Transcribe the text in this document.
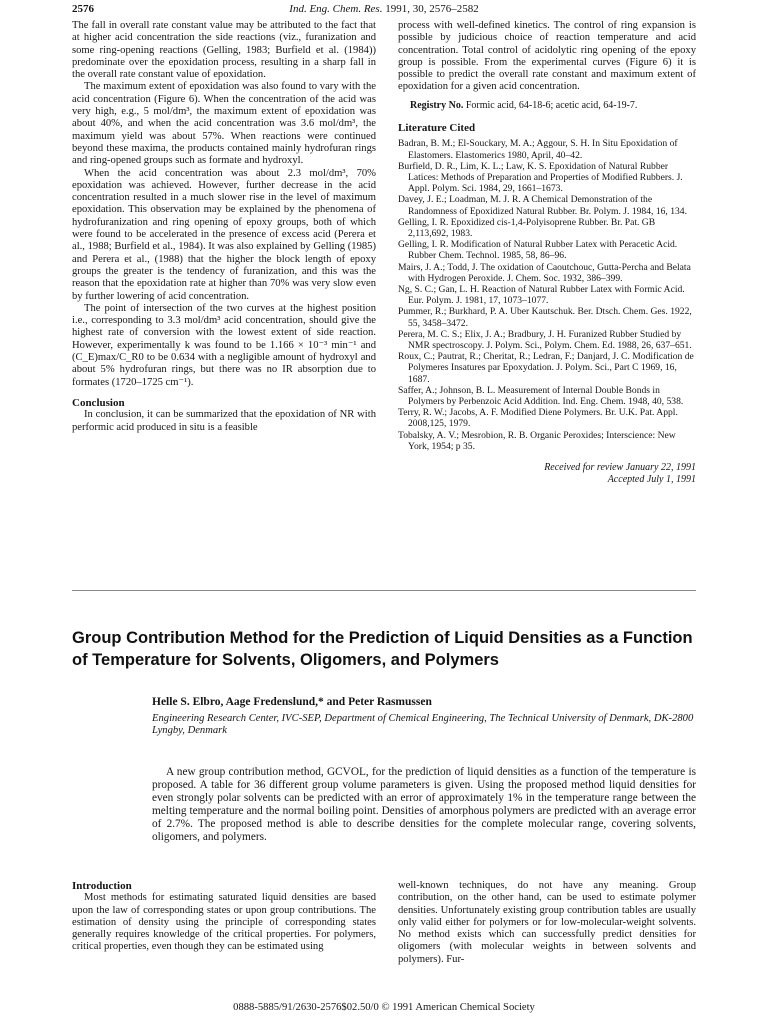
2576	Ind. Eng. Chem. Res. 1991, 30, 2576–2582

The fall in overall rate constant value may be attributed to the fact that at higher acid concentration the side reactions (viz., furanization and some ring-opening reactions (Gelling, 1983; Burfield et al. (1984)) predominate over the epoxidation process, resulting in a sharp fall in the overall rate constant value of epoxidation.

The maximum extent of epoxidation was also found to vary with the acid concentration (Figure 6). When the concentration of the acid was very high, e.g., 5 mol/dm³, the maximum extent of epoxidation was about 40%, and when the acid concentration was 3.6 mol/dm³, the maximum yield was about 57%. When reactions were continued beyond these maxima, the products contained mainly hydrofuran rings and ring-opened groups such as formate and hydroxyl.

When the acid concentration was about 2.3 mol/dm³, 70% epoxidation was achieved. However, further decrease in the acid concentration resulted in a much slower rise in the level of maximum epoxidation. This observation may be explained by the phenomena of hydrofuranization and ring opening of epoxy groups, both of which were found to be accelerated in the presence of excess acid (Perera et al., 1988; Burfield et al., 1984). It was also explained by Gelling (1985) and Perera et al., (1988) that the higher the block length of epoxy groups the greater is the tendency of furanization, and this was the reason that the epoxidation rate at higher than 70% was very slow even by further lowering of acid concentration.

The point of intersection of the two curves at the highest position i.e., corresponding to 3.3 mol/dm³ acid concentration, should give the highest rate of conversion with the lowest extent of side reaction. However, experimentally k was found to be 1.166 × 10⁻³ min⁻¹ and (C_E)max/C_R0 to be 0.634 with a negligible amount of hydroxyl and about 5% hydrofuran rings, but there was no IR absorption due to formates (1720–1725 cm⁻¹).

Conclusion

In conclusion, it can be summarized that the epoxidation of NR with performic acid produced in situ is a feasible

process with well-defined kinetics. The control of ring expansion is possible by judicious choice of reaction temperature and acid concentration. Total control of acidolytic ring opening of the epoxy group is possible. From the experimental curves (Figure 6) it is possible to predict the overall rate constant and maximum extent of epoxidation for a given acid concentration.

Registry No. Formic acid, 64-18-6; acetic acid, 64-19-7.

Literature Cited

Badran, B. M.; El-Souckary, M. A.; Aggour, S. H. In Situ Epoxidation of Elastomers. Elastomerics 1980, April, 40–42.
Burfield, D. R., Lim, K. L.; Law, K. S. Epoxidation of Natural Rubber Latices: Methods of Preparation and Properties of Modified Rubbers. J. Appl. Polym. Sci. 1984, 29, 1661–1673.
Davey, J. E.; Loadman, M. J. R. A Chemical Demonstration of the Randomness of Epoxidized Natural Rubber. Br. Polym. J. 1984, 16, 134.
Gelling, I. R. Epoxidized cis-1,4-Polyisoprene Rubber. Br. Pat. GB 2,113,692, 1983.
Gelling, I. R. Modification of Natural Rubber Latex with Peracetic Acid. Rubber Chem. Technol. 1985, 58, 86–96.
Mairs, J. A.; Todd, J. The oxidation of Caoutchouc, Gutta-Percha and Belata with Hydrogen Peroxide. J. Chem. Soc. 1932, 386–399.
Ng, S. C.; Gan, L. H. Reaction of Natural Rubber Latex with Formic Acid. Eur. Polym. J. 1981, 17, 1073–1077.
Pummer, R.; Burkhard, P. A. Uber Kautschuk. Ber. Dtsch. Chem. Ges. 1922, 55, 3458–3472.
Perera, M. C. S.; Elix, J. A.; Bradbury, J. H. Furanized Rubber Studied by NMR spectroscopy. J. Polym. Sci., Polym. Chem. Ed. 1988, 26, 637–651.
Roux, C.; Pautrat, R.; Cheritat, R.; Ledran, F.; Danjard, J. C. Modification de Polymeres Insatures par Epoxydation. J. Polym. Sci., Part C 1969, 16, 1687.
Saffer, A.; Johnson, B. L. Measurement of Internal Double Bonds in Polymers by Perbenzoic Acid Addition. Ind. Eng. Chem. 1948, 40, 538.
Terry, R. W.; Jacobs, A. F. Modified Diene Polymers. Br. U.K. Pat. Appl. 2008,125, 1979.
Tobalsky, A. V.; Mesrobion, R. B. Organic Peroxides; Interscience: New York, 1954; p 35.
Received for review January 22, 1991
Accepted July 1, 1991
Group Contribution Method for the Prediction of Liquid Densities as a Function of Temperature for Solvents, Oligomers, and Polymers
Helle S. Elbro, Aage Fredenslund,* and Peter Rasmussen
Engineering Research Center, IVC-SEP, Department of Chemical Engineering, The Technical University of Denmark, DK-2800 Lyngby, Denmark
A new group contribution method, GCVOL, for the prediction of liquid densities as a function of the temperature is proposed. A table for 36 different group volume parameters is given. Using the proposed method liquid densities for even strongly polar solvents can be predicted with an error of approximately 1% in the temperature range between the melting temperature and the normal boiling point. Densities of amorphous polymers are predicted with an average error of 2.7%. The proposed method is able to describe densities for the complete molecular range, covering solvents, oligomers, and polymers.

Introduction

Most methods for estimating saturated liquid densities are based upon the law of corresponding states or upon group contributions. The estimation of density using the principle of corresponding states generally requires knowledge of the critical properties. For polymers, critical properties, even though they can be estimated using

well-known techniques, do not have any meaning. Group contribution, on the other hand, can be used to estimate polymer densities. Unfortunately existing group contribution tables are usually only valid either for polymers or for low-molecular-weight solvents. No method exists which can successfully predict densities for oligomers (with molecular weights in between solvents and polymers). Fur-

0888-5885/91/2630-2576$02.50/0 © 1991 American Chemical Society
